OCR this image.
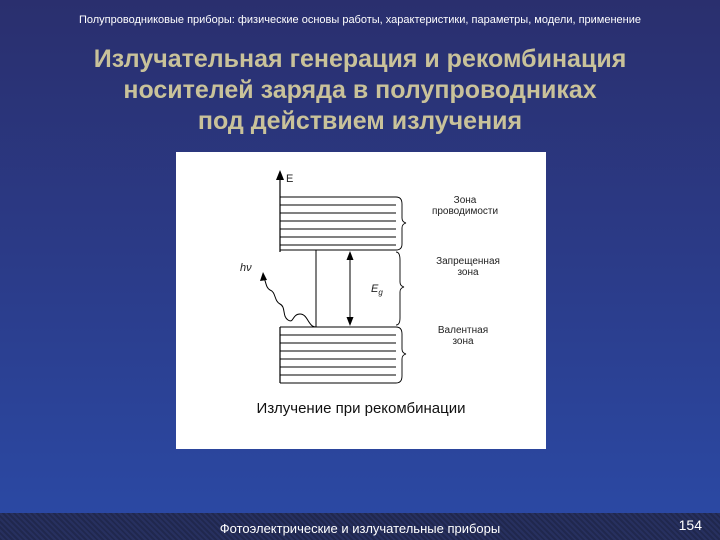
Полупроводниковые приборы: физические основы работы, характеристики, параметры, модели, применение
Излучательная генерация и рекомбинация
носителей заряда в полупроводниках
под действием излучения
E
Зона
проводимости
Запрещенная
зона
$E_g$
hν
Валентная
зона
Излучение при рекомбинации
Фотоэлектрические и излучательные приборы	154
